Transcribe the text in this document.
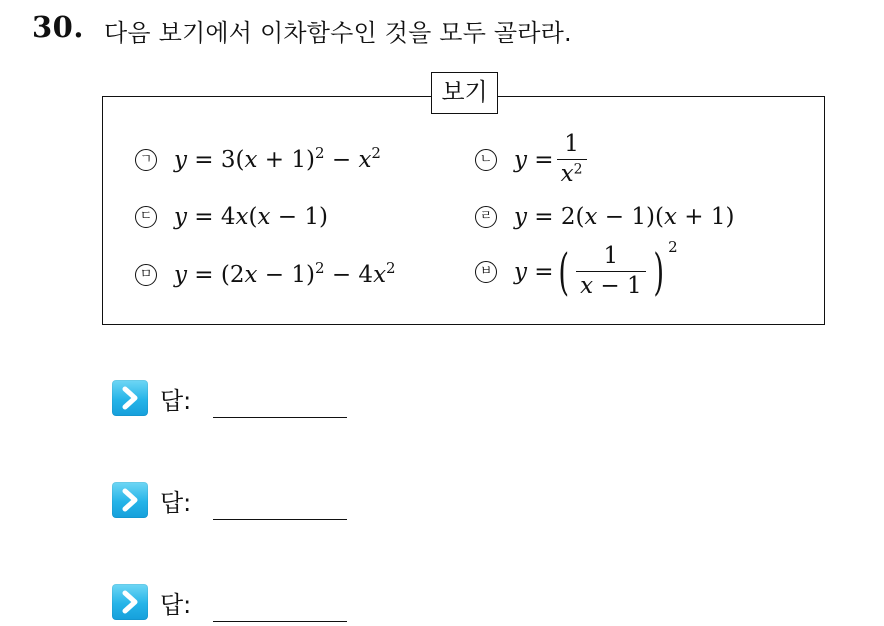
30. 다음 보기에서 이차함수인 것을 모두 골라라.
보기
ㄱ $y = 3(x + 1)^2 - x^2$	ㄴ $y = \frac{1}{x^2}$
ㄷ y = 4x(x − 1)	ㄹ y = 2(x − 1)(x + 1)
ㅁ $y = (2x - 1)^2 - 4x^2$	ㅂ y = ( $\frac{1}{x - 1}$ ) 2
답:
답:
답:
